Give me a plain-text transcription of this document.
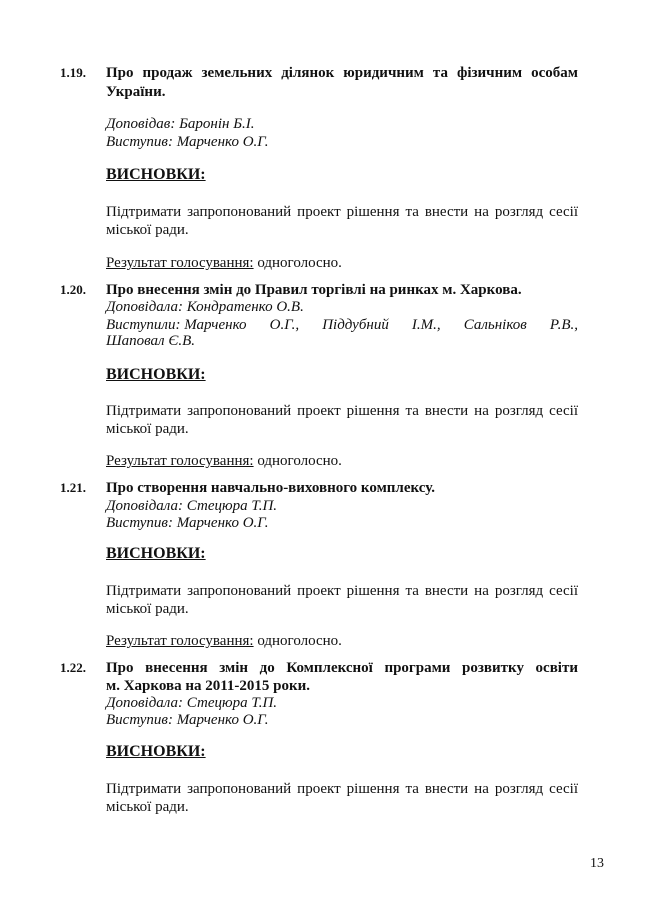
1.19. Про продаж земельних ділянок юридичним та фізичним особам
України.
Доповідав: Баронін Б.І.
Виступив: Марченко О.Г.
ВИСНОВКИ:
Підтримати запропонований проект рішення та внести на розгляд сесії
міської ради.
Результат голосування: одноголосно.
1.20. Про внесення змін до Правил торгівлі на ринках м. Харкова.
Доповідала: Кондратенко О.В.
Виступили: Марченко О.Г., Піддубний І.М., Сальніков Р.В.,
Шаповал Є.В.
ВИСНОВКИ:
Підтримати запропонований проект рішення та внести на розгляд сесії
міської ради.
Результат голосування: одноголосно.
1.21. Про створення навчально-виховного комплексу.
Доповідала: Стецюра Т.П.
Виступив: Марченко О.Г.
ВИСНОВКИ:
Підтримати запропонований проект рішення та внести на розгляд сесії
міської ради.
Результат голосування: одноголосно.
1.22. Про внесення змін до Комплексної програми розвитку освіти
м. Харкова на 2011-2015 роки.
Доповідала: Стецюра Т.П.
Виступив: Марченко О.Г.
ВИСНОВКИ:
Підтримати запропонований проект рішення та внести на розгляд сесії
міської ради.
13
